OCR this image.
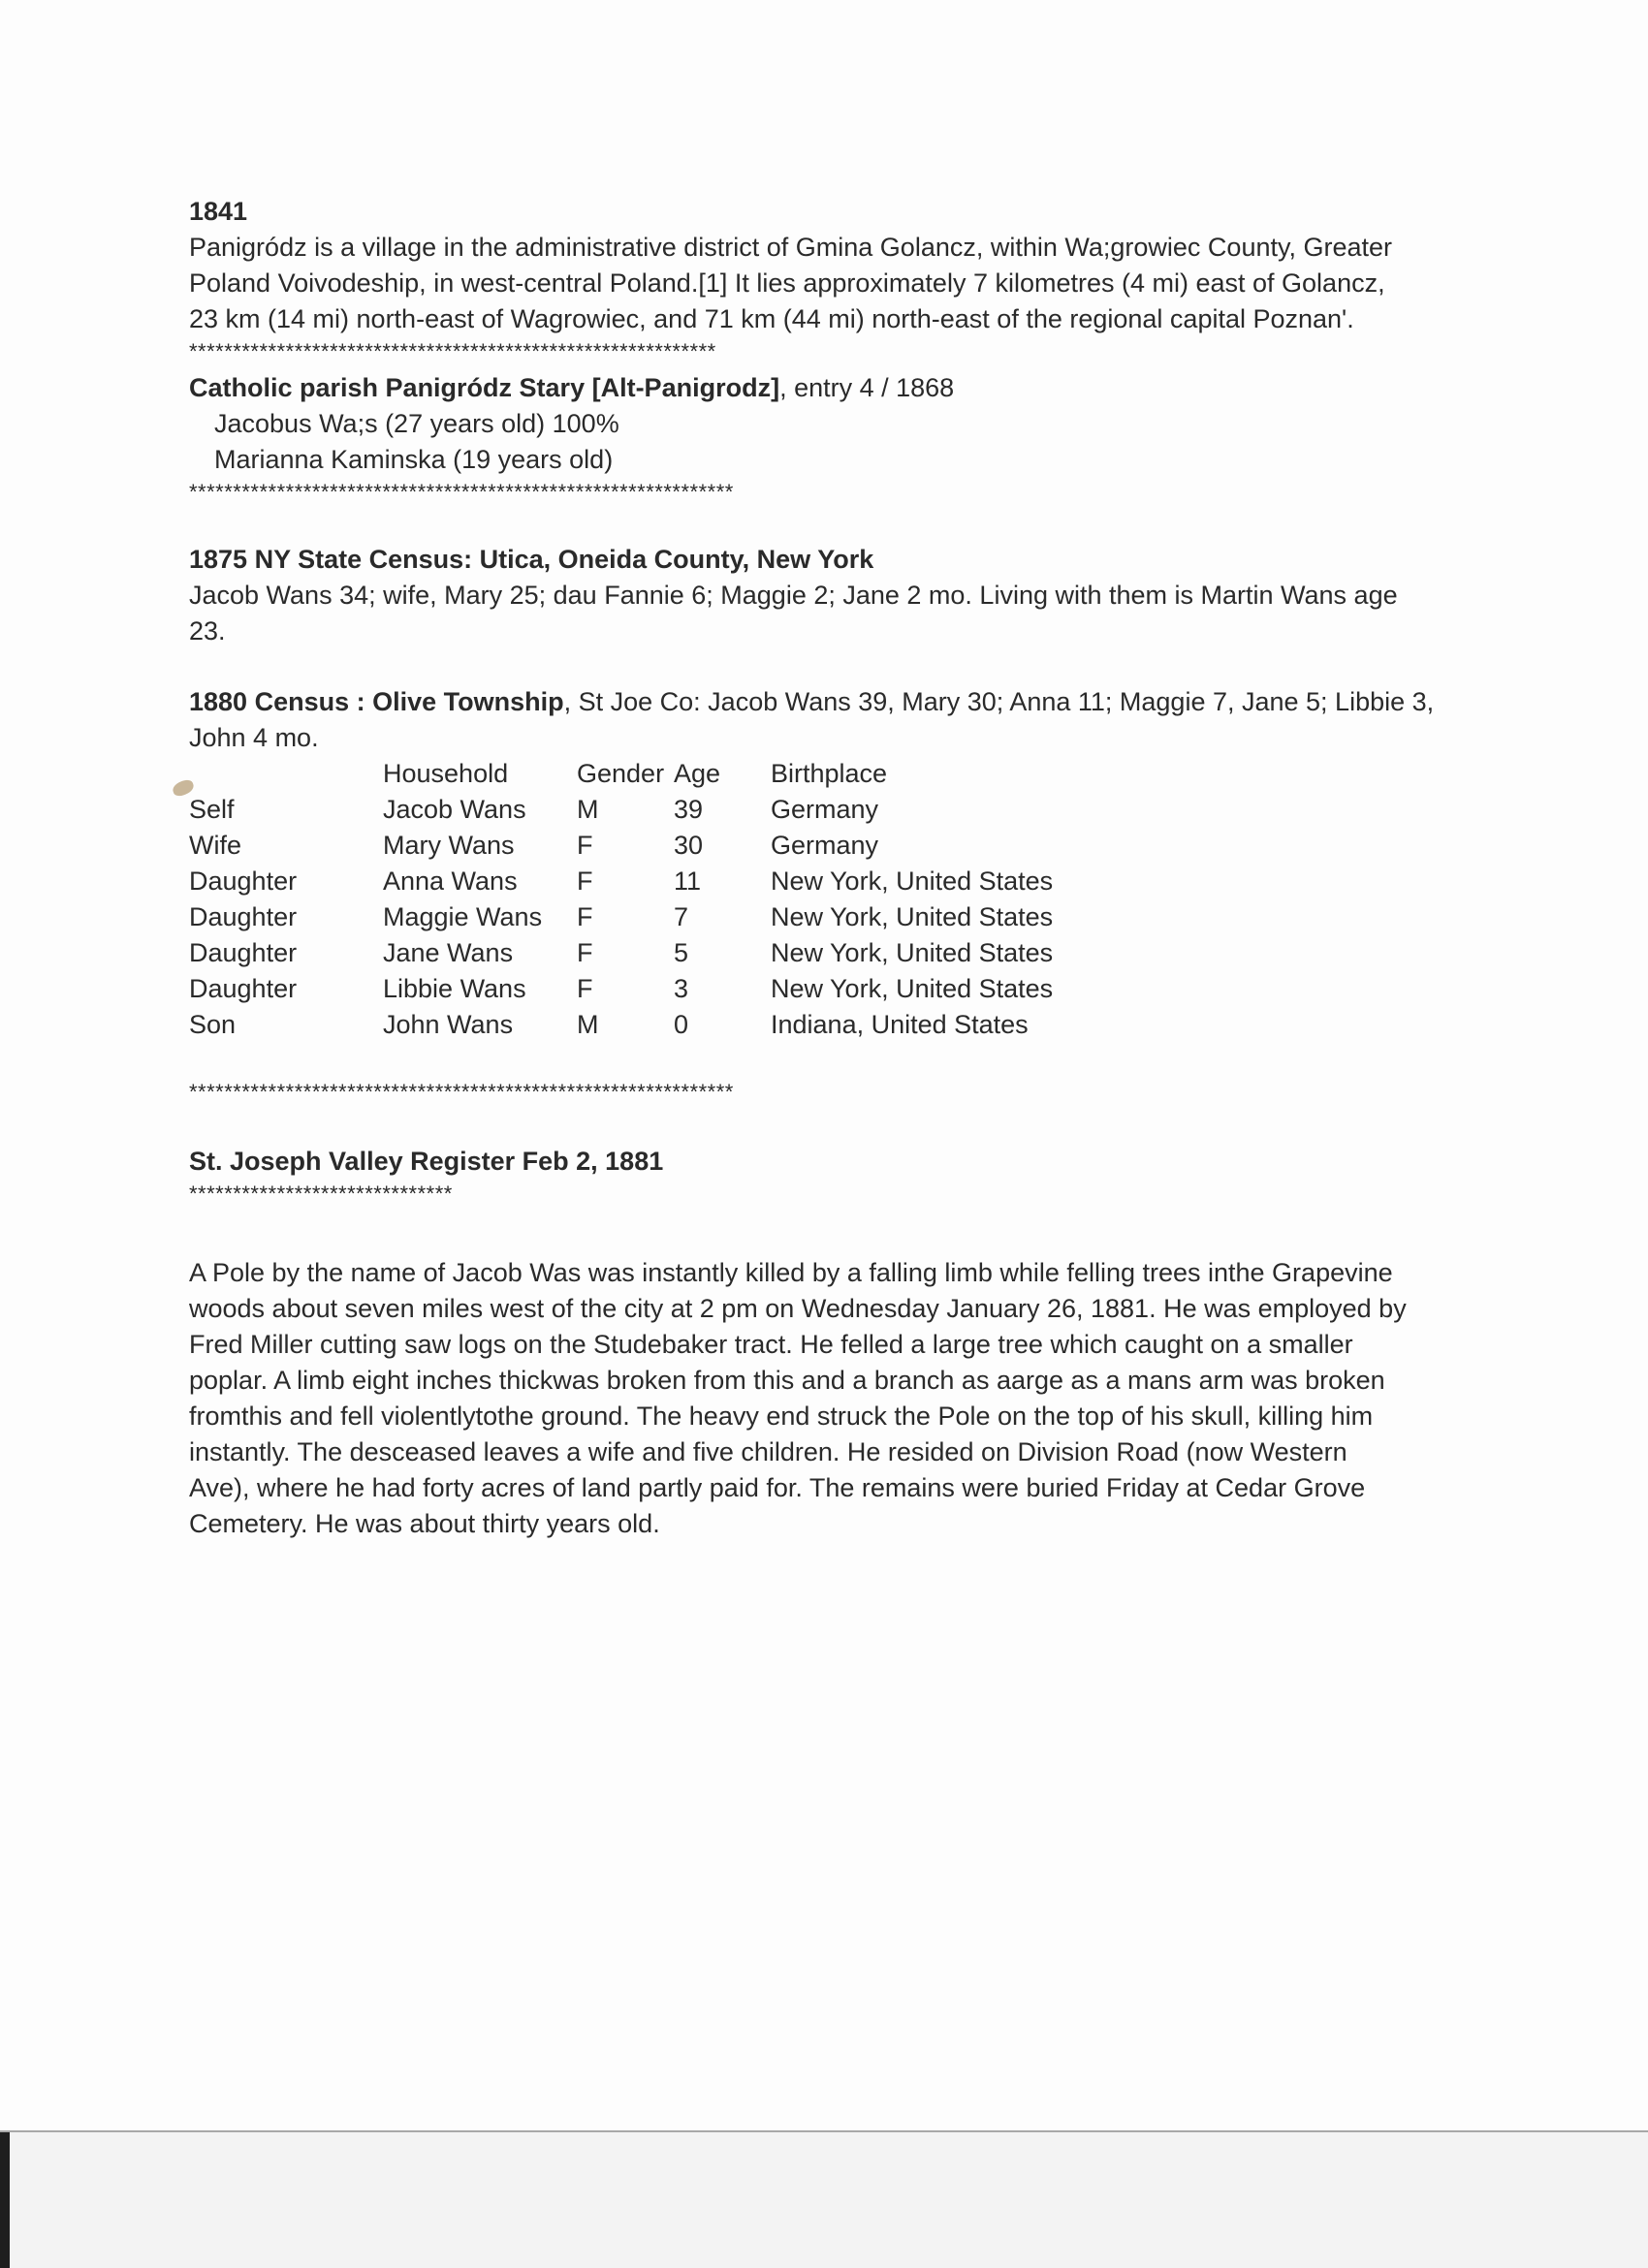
1841
Panigródz is a village in the administrative district of Gmina Golancz, within Wa;growiec County, Greater
Poland Voivodeship, in west-central Poland.[1] It lies approximately 7 kilometres (4 mi) east of Golancz,
23 km (14 mi) north-east of Wagrowiec, and 71 km (44 mi) north-east of the regional capital Poznan'.
************************************************************
Catholic parish Panigródz Stary [Alt-Panigrodz], entry 4 / 1868
Jacobus Wa;s (27 years old) 100%
Marianna Kaminska (19 years old)
**************************************************************
1875 NY State Census: Utica, Oneida County, New York
Jacob Wans 34; wife, Mary 25; dau Fannie 6; Maggie 2; Jane 2 mo. Living with them is Martin Wans age
23.
1880 Census : Olive Township, St Joe Co: Jacob Wans 39, Mary 30; Anna 11; Maggie 7, Jane 5; Libbie 3,
John 4 mo.
	Household	Gender	Age	Birthplace
Self	Jacob Wans	M	39	Germany
Wife	Mary Wans	F	30	Germany
Daughter	Anna Wans	F	11	New York, United States
Daughter	Maggie Wans	F	7	New York, United States
Daughter	Jane Wans	F	5	New York, United States
Daughter	Libbie Wans	F	3	New York, United States
Son	John Wans	M	0	Indiana, United States
**************************************************************
St. Joseph Valley Register Feb 2, 1881
******************************
A Pole by the name of Jacob Was was instantly killed by a falling limb while felling trees inthe Grapevine
woods about seven miles west of the city at 2 pm on Wednesday January 26, 1881. He was employed by
Fred Miller cutting saw logs on the Studebaker tract. He felled a large tree which caught on a smaller
poplar. A limb eight inches thickwas broken from this and a branch as aarge as a mans arm was broken
fromthis and fell violentlytothe ground. The heavy end struck the Pole on the top of his skull, killing him
instantly. The desceased leaves a wife and five children. He resided on Division Road (now Western
Ave), where he had forty acres of land partly paid for. The remains were buried Friday at Cedar Grove
Cemetery. He was about thirty years old.
